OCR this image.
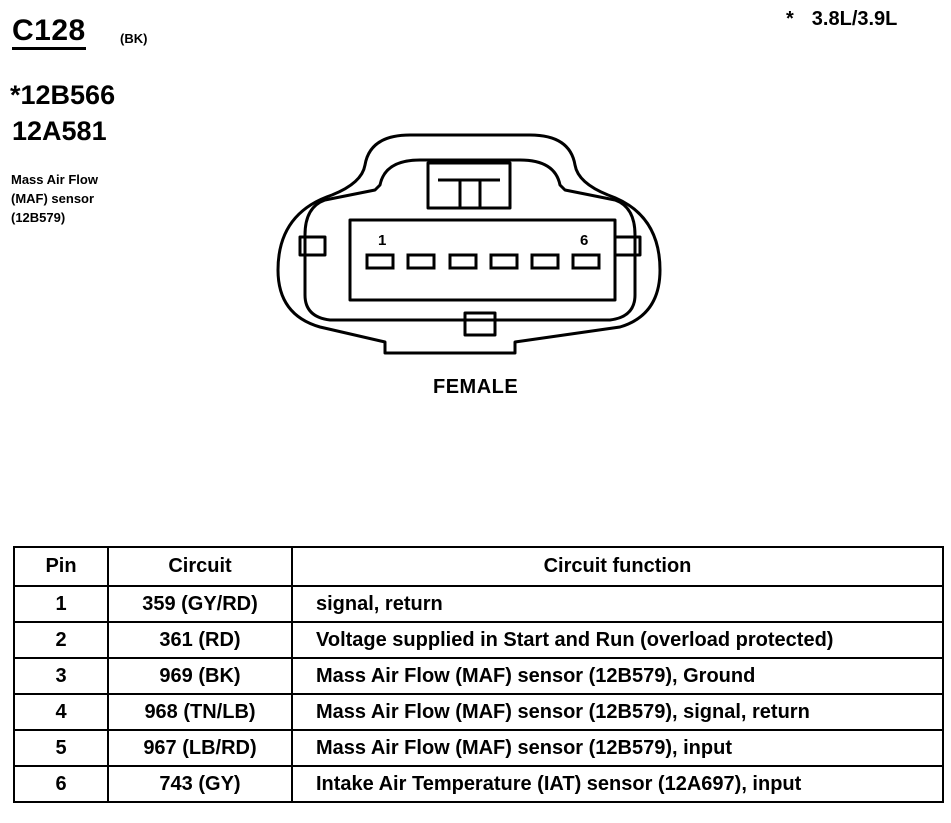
C128	(BK)
* 3.8L/3.9L
*12B566
12A581
Mass Air Flow
(MAF) sensor
(12B579)
1	6
FEMALE
Pin	Circuit	Circuit function
1	359 (GY/RD)	signal, return
2	361 (RD)	Voltage supplied in Start and Run (overload protected)
3	969 (BK)	Mass Air Flow (MAF) sensor (12B579), Ground
4	968 (TN/LB)	Mass Air Flow (MAF) sensor (12B579), signal, return
5	967 (LB/RD)	Mass Air Flow (MAF) sensor (12B579), input
6	743 (GY)	Intake Air Temperature (IAT) sensor (12A697), input
